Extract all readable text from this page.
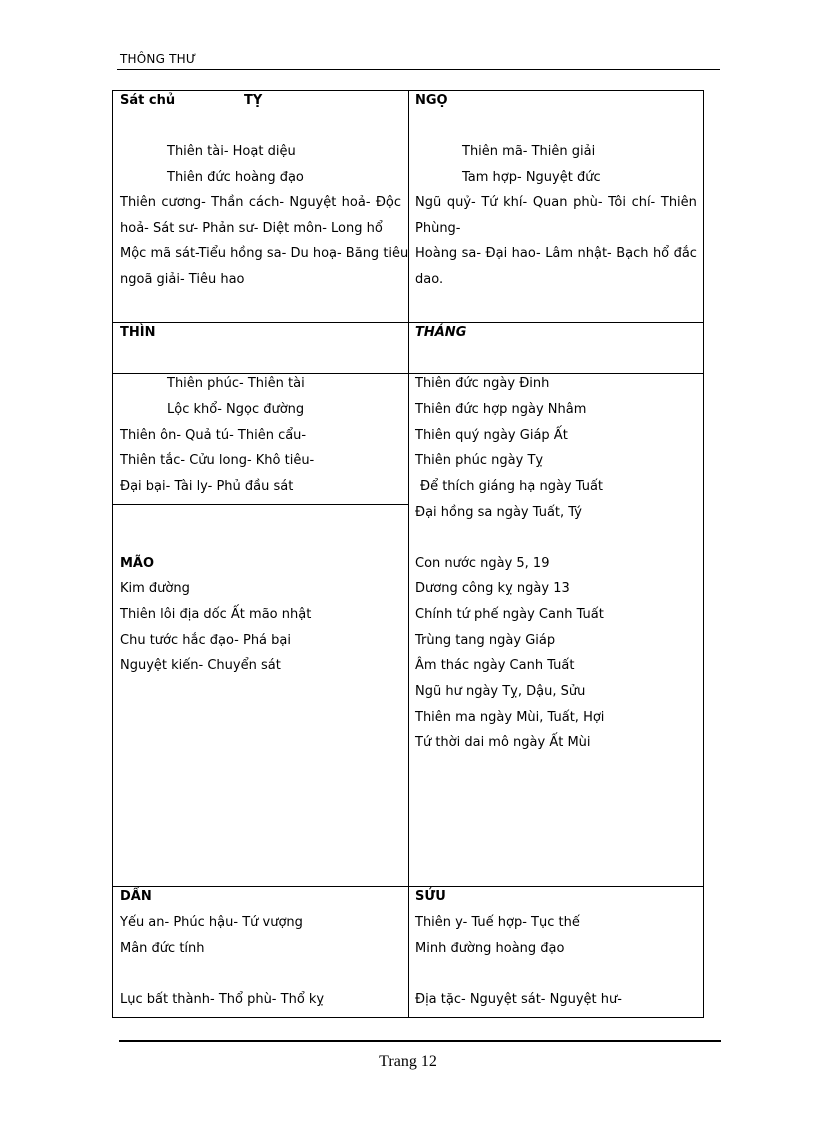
THÔNG THƯ
Sát chủ	TỴ
Thiên tài- Hoạt diệu
Thiên đức hoàng đạo
Thiên cương- Thần cách- Nguyệt hoả- Độc
hoả- Sát sư- Phản sư- Diệt môn- Long hổ
Mộc mã sát-Tiểu hồng sa- Du hoạ- Băng tiêu
ngoã giải- Tiêu hao
NGỌ
Thiên mã- Thiên giải
Tam hợp- Nguyệt đức
Ngũ quỷ- Tứ khí- Quan phù- Tôi chí- Thiên
Phùng-
Hoàng sa- Đại hao- Lâm nhật- Bạch hổ đắc
dao.
THÌN
Thiên phúc- Thiên tài
Lộc khổ- Ngọc đường
Thiên ôn- Quả tú- Thiên cẩu-
Thiên tắc- Cửu long- Khô tiêu-
Đại bại- Tài ly- Phủ đầu sát
THÁNG
Thiên đức ngày Đinh
Thiên đức hợp ngày Nhâm
Thiên quý ngày Giáp Ất
Thiên phúc ngày Tỵ
Để thích giáng hạ ngày Tuất
Đại hồng sa ngày Tuất, Tý
Con nước ngày 5, 19
Dương công kỵ ngày 13
Chính tứ phế ngày Canh Tuất
Trùng tang ngày Giáp
Âm thác ngày Canh Tuất
Ngũ hư ngày Tỵ, Dậu, Sửu
Thiên ma ngày Mùi, Tuất, Hợi
Tứ thời dai mô ngày Ất Mùi
MÃO
Kim đường
Thiên lôi địa dốc Ất mão nhật
Chu tước hắc đạo- Phá bại
Nguyệt kiến- Chuyển sát
DẦN
Yếu an- Phúc hậu- Tứ vượng
Mân đức tính
Lục bất thành- Thổ phù- Thổ kỵ
SỬU
Thiên y- Tuế hợp- Tục thế
Minh đường hoàng đạo
Địa tặc- Nguyệt sát- Nguyệt hư-
Trang 12
